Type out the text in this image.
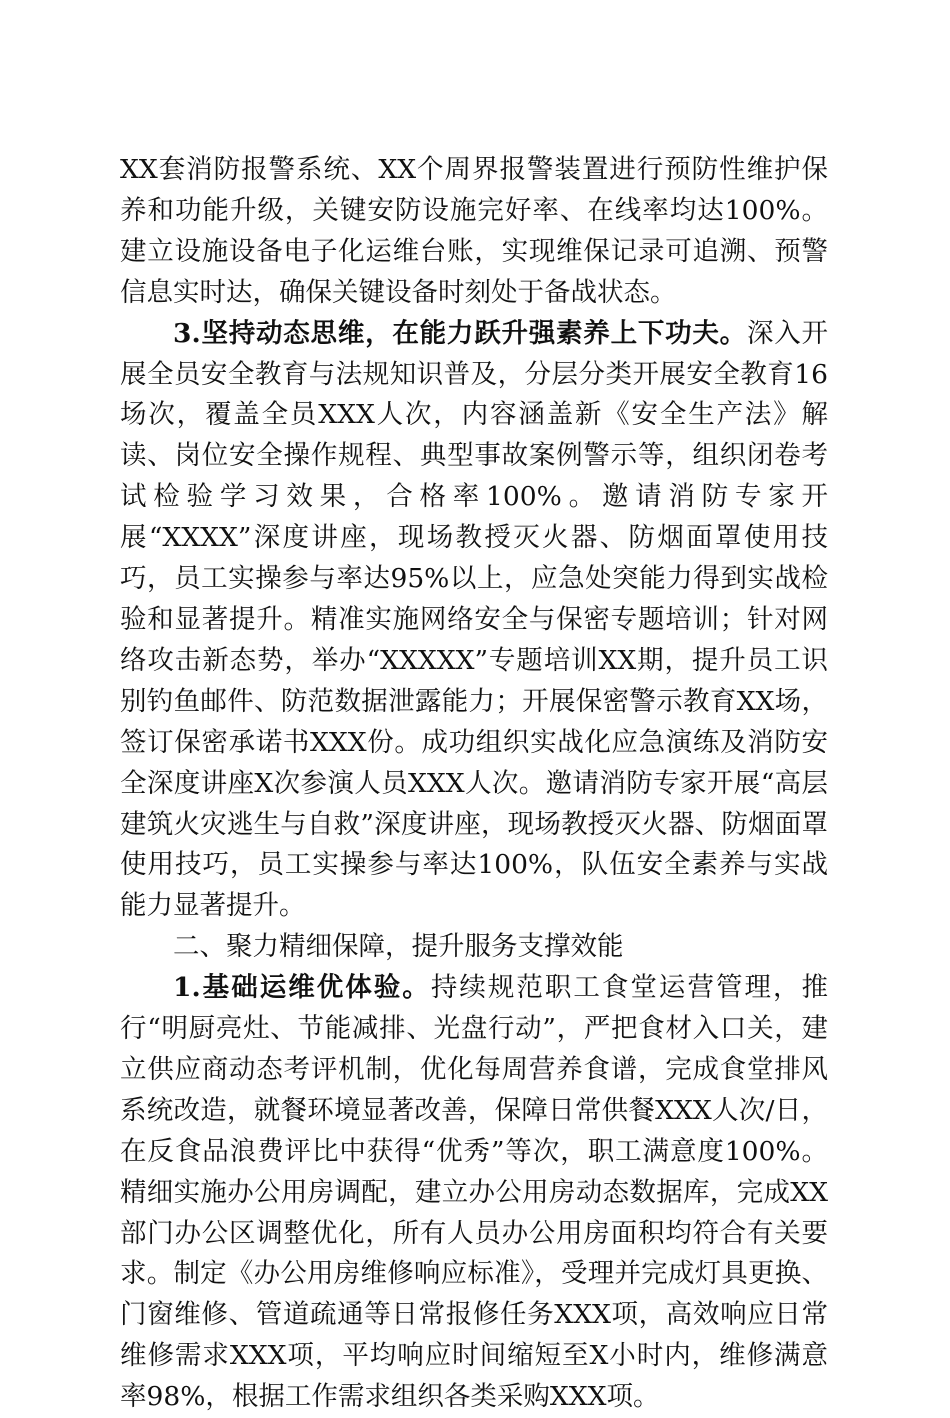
XX套消防报警系统、XX个周界报警装置进行预防性维护保养和功能升级，关键安防设施完好率、在线率均达100%。建立设施设备电子化运维台账，实现维保记录可追溯、预警信息实时达，确保关键设备时刻处于备战状态。

3.坚持动态思维，在能力跃升强素养上下功夫。深入开展全员安全教育与法规知识普及，分层分类开展安全教育16场次，覆盖全员XXX人次，内容涵盖新《安全生产法》解读、岗位安全操作规程、典型事故案例警示等，组织闭卷考试检验学习效果，合格率100%。邀请消防专家开展“XXXX”深度讲座，现场教授灭火器、防烟面罩使用技巧，员工实操参与率达95%以上，应急处突能力得到实战检验和显著提升。精准实施网络安全与保密专题培训；针对网络攻击新态势，举办“XXXXX”专题培训XX期，提升员工识别钓鱼邮件、防范数据泄露能力；开展保密警示教育XX场，签订保密承诺书XXX份。成功组织实战化应急演练及消防安全深度讲座X次参演人员XXX人次。邀请消防专家开展“高层建筑火灾逃生与自救”深度讲座，现场教授灭火器、防烟面罩使用技巧，员工实操参与率达100%，队伍安全素养与实战能力显著提升。

二、聚力精细保障，提升服务支撑效能

1.基础运维优体验。持续规范职工食堂运营管理，推行“明厨亮灶、节能减排、光盘行动”，严把食材入口关，建立供应商动态考评机制，优化每周营养食谱，完成食堂排风系统改造，就餐环境显著改善，保障日常供餐XXX人次/日，在反食品浪费评比中获得“优秀”等次，职工满意度100%。精细实施办公用房调配，建立办公用房动态数据库，完成XX部门办公区调整优化，所有人员办公用房面积均符合有关要求。制定《办公用房维修响应标准》，受理并完成灯具更换、门窗维修、管道疏通等日常报修任务XXX项，高效响应日常维修需求XXX项，平均响应时间缩短至X小时内，维修满意率98%，根据工作需求组织各类采购XXX项。
